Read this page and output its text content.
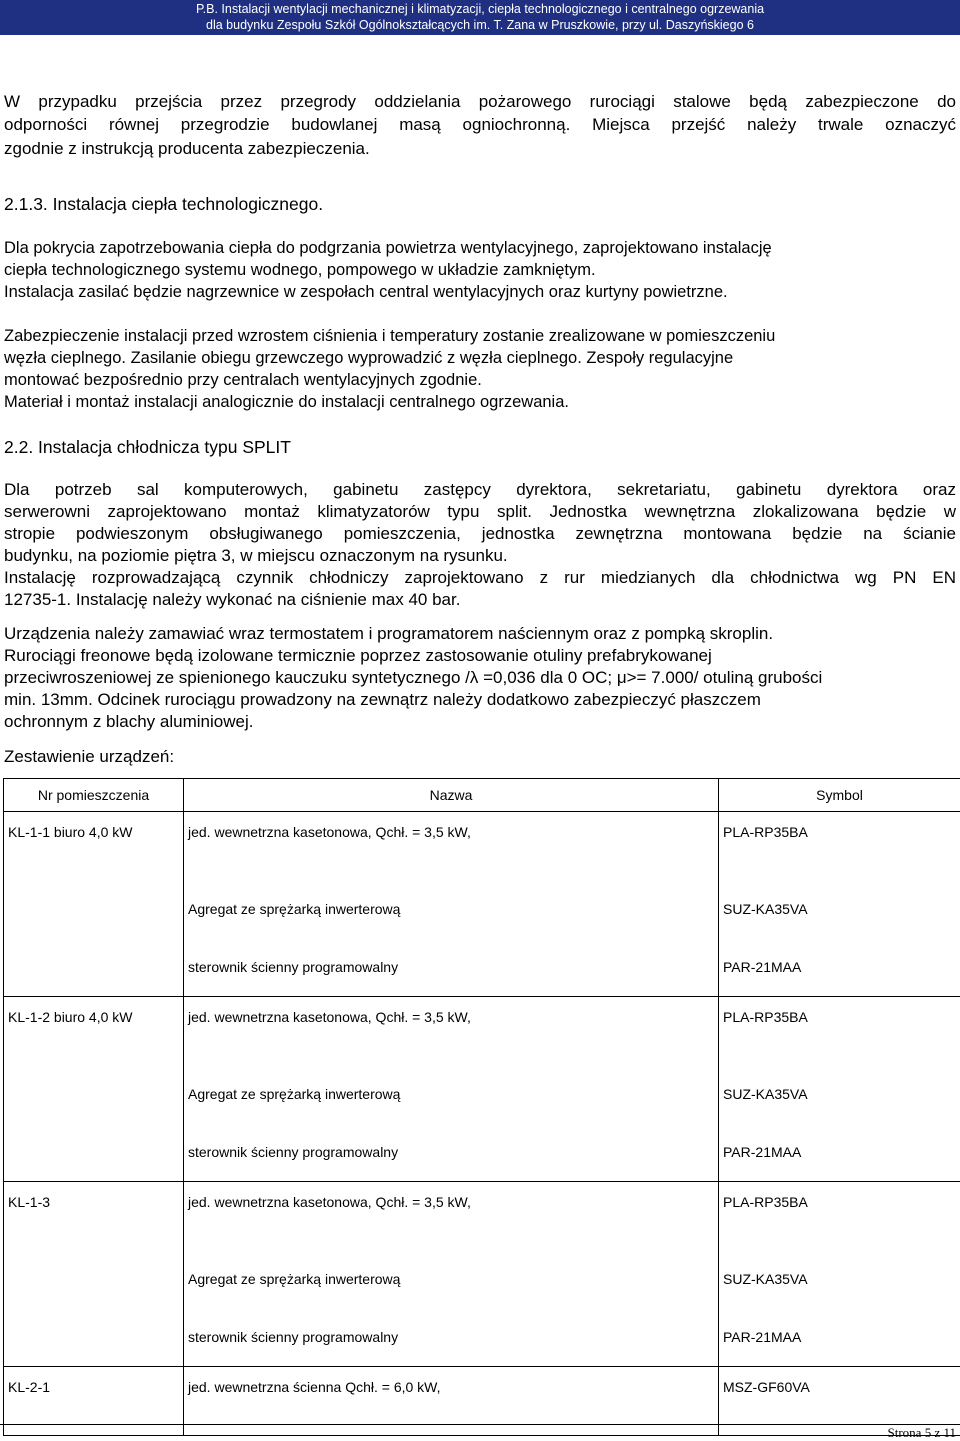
P.B. Instalacji wentylacji mechanicznej i klimatyzacji, ciepła technologicznego i centralnego ogrzewania
dla budynku Zespołu Szkół Ogólnokształcących im. T. Zana w Pruszkowie, przy ul. Daszyńskiego 6
W przypadku przejścia przez przegrody oddzielania pożarowego rurociągi stalowe będą zabezpieczone do
odporności równej przegrodzie budowlanej masą ogniochronną. Miejsca przejść należy trwale oznaczyć
zgodnie z instrukcją producenta zabezpieczenia.
2.1.3. Instalacja ciepła technologicznego.
Dla pokrycia zapotrzebowania ciepła do podgrzania powietrza wentylacyjnego, zaprojektowano instalację
ciepła technologicznego systemu wodnego, pompowego w układzie zamkniętym.
Instalacja zasilać będzie nagrzewnice w zespołach central wentylacyjnych oraz kurtyny powietrzne.
Zabezpieczenie instalacji przed wzrostem ciśnienia i temperatury zostanie zrealizowane w pomieszczeniu
węzła cieplnego. Zasilanie obiegu grzewczego wyprowadzić z węzła cieplnego. Zespoły regulacyjne
montować bezpośrednio przy centralach wentylacyjnych zgodnie.
Materiał i montaż instalacji analogicznie do instalacji centralnego ogrzewania.
2.2. Instalacja chłodnicza typu SPLIT
Dla potrzeb sal komputerowych, gabinetu zastępcy dyrektora, sekretariatu, gabinetu dyrektora oraz
serwerowni zaprojektowano montaż klimatyzatorów typu split. Jednostka wewnętrzna zlokalizowana będzie w
stropie podwieszonym obsługiwanego pomieszczenia, jednostka zewnętrzna montowana będzie na ścianie
budynku, na poziomie piętra 3, w miejscu oznaczonym na rysunku.
Instalację rozprowadzającą czynnik chłodniczy zaprojektowano z rur miedzianych dla chłodnictwa wg PN EN
12735-1. Instalację należy wykonać na ciśnienie max 40 bar.
Urządzenia należy zamawiać wraz termostatem i programatorem naściennym oraz z pompką skroplin.
Rurociągi freonowe będą izolowane termicznie poprzez zastosowanie otuliny prefabrykowanej
przeciwroszeniowej ze spienionego kauczuku syntetycznego /λ =0,036 dla 0 OC; μ>= 7.000/ otuliną grubości
min. 13mm. Odcinek rurociągu prowadzony na zewnątrz należy dodatkowo zabezpieczyć płaszczem
ochronnym z blachy aluminiowej.
Zestawienie urządzeń:
Nr pomieszczenia	Nazwa	Symbol
KL-1-1 biuro 4,0 kW	jed. wewnetrzna kasetonowa, Qchł. = 3,5 kW,	PLA-RP35BA
	Agregat ze sprężarką inwerterową	SUZ-KA35VA
	sterownik ścienny programowalny	PAR-21MAA
KL-1-2 biuro 4,0 kW	jed. wewnetrzna kasetonowa, Qchł. = 3,5 kW,	PLA-RP35BA
	Agregat ze sprężarką inwerterową	SUZ-KA35VA
	sterownik ścienny programowalny	PAR-21MAA
KL-1-3	jed. wewnetrzna kasetonowa, Qchł. = 3,5 kW,	PLA-RP35BA
	Agregat ze sprężarką inwerterową	SUZ-KA35VA
	sterownik ścienny programowalny	PAR-21MAA
KL-2-1	jed. wewnetrzna ścienna Qchł. = 6,0 kW,	MSZ-GF60VA
Strona 5 z 11
